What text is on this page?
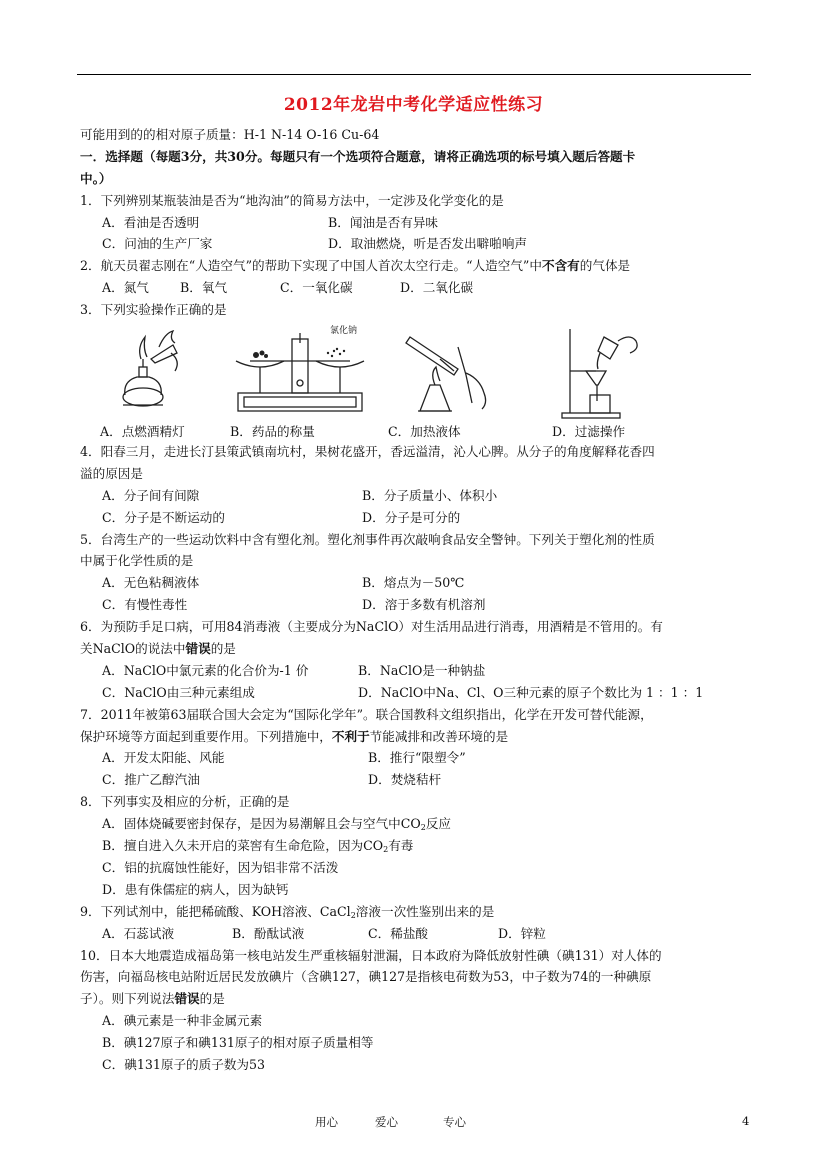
2012年龙岩中考化学适应性练习
可能用到的的相对原子质量：H-1 N-14 O-16 Cu-64
一．选择题（每题3分，共30分。每题只有一个选项符合题意，请将正确选项的标号填入题后答题卡
中。）
1．下列辨别某瓶装油是否为“地沟油”的简易方法中，一定涉及化学变化的是
A．看油是否透明	B．闻油是否有异味
C．问油的生产厂家	D．取油燃烧，听是否发出噼啪响声
2．航天员翟志刚在“人造空气”的帮助下实现了中国人首次太空行走。“人造空气”中不含有的气体是
A．氮气	B．氧气	C．一氧化碳	D．二氧化碳
3．下列实验操作正确的是
氯化钠
A．点燃酒精灯	B．药品的称量	C．加热液体	D．过滤操作
4．阳春三月，走进长汀县策武镇南坑村，果树花盛开，香远溢清，沁人心脾。从分子的角度解释花香四
溢的原因是
A．分子间有间隙	B．分子质量小、体积小
C．分子是不断运动的	D．分子是可分的
5．台湾生产的一些运动饮料中含有塑化剂。塑化剂事件再次敲响食品安全警钟。下列关于塑化剂的性质
中属于化学性质的是
A．无色粘稠液体	B．熔点为－50℃
C．有慢性毒性	D．溶于多数有机溶剂
6．为预防手足口病，可用84消毒液（主要成分为NaClO）对生活用品进行消毒，用酒精是不管用的。有
关NaClO的说法中错误的是
A．NaClO中氯元素的化合价为-1 价	B．NaClO是一种钠盐
C．NaClO由三种元素组成	D．NaClO中Na、Cl、O三种元素的原子个数比为 1 ：1 ：1
7．2011年被第63届联合国大会定为“国际化学年”。联合国教科文组织指出，化学在开发可替代能源，
保护环境等方面起到重要作用。下列措施中，不利于节能减排和改善环境的是
A．开发太阳能、风能	B．推行“限塑令”
C．推广乙醇汽油	D．焚烧秸杆
8．下列事实及相应的分析，正确的是
A．固体烧碱要密封保存，是因为易潮解且会与空气中$CO_2$反应
B．擅自进入久未开启的菜窖有生命危险，因为$CO_2$有毒
C．铝的抗腐蚀性能好，因为铝非常不活泼
D．患有侏儒症的病人，因为缺钙
9．下列试剂中，能把稀硫酸、KOH溶液、CaCl$_2$溶液一次性鉴别出来的是
A．石蕊试液	B．酚酞试液	C．稀盐酸	D．锌粒
10．日本大地震造成福岛第一核电站发生严重核辐射泄漏，日本政府为降低放射性碘（碘131）对人体的
伤害，向福岛核电站附近居民发放碘片（含碘127，碘127是指核电荷数为53，中子数为74的一种碘原
子）。则下列说法错误的是
A．碘元素是一种非金属元素
B．碘127原子和碘131原子的相对原子质量相等
C．碘131原子的质子数为53
用心	爱心	专心	4
